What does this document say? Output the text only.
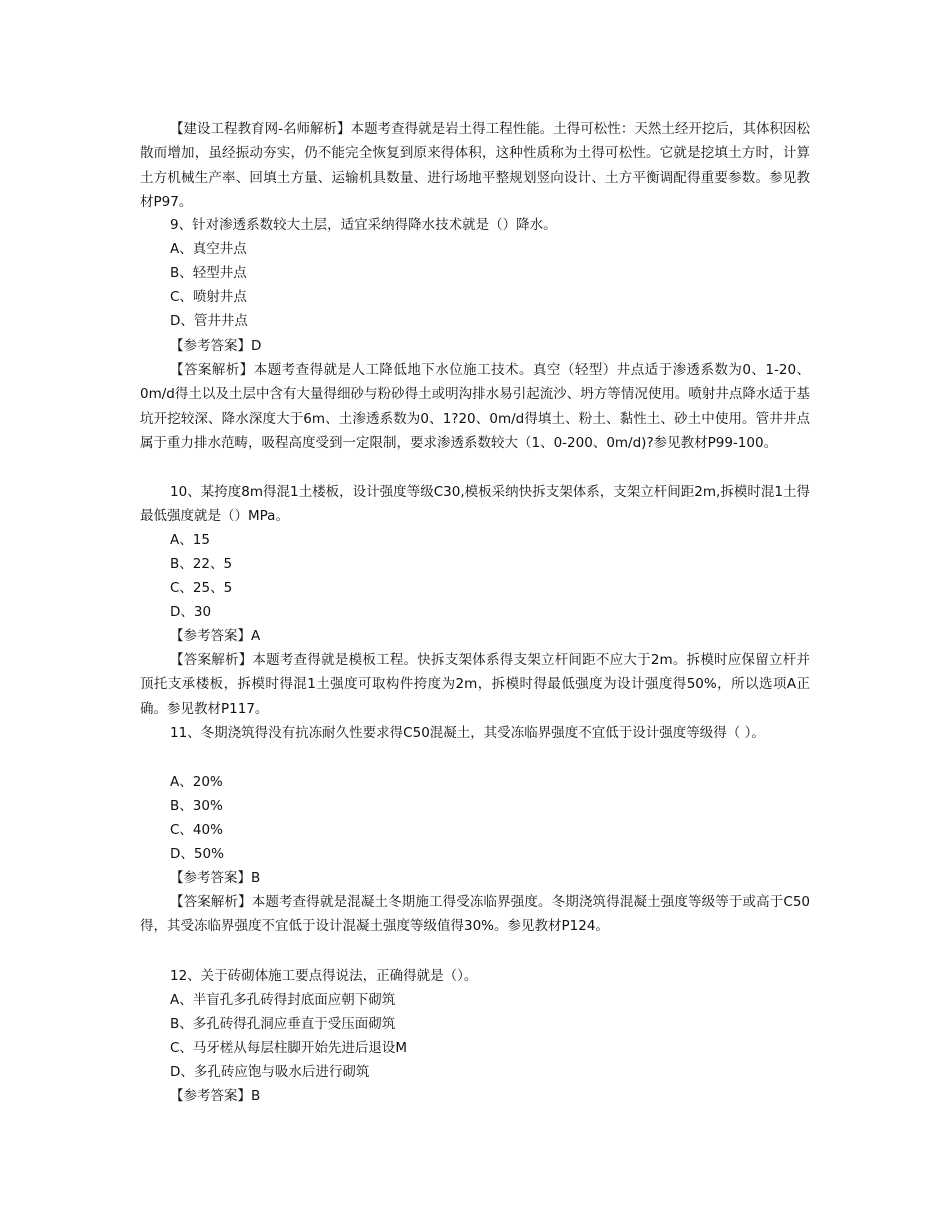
【建设工程教育网-名师解析】本题考查得就是岩土得工程性能。土得可松性：天然土经开挖后，其体积因松散而增加，虽经振动夯实，仍不能完全恢复到原来得体积，这种性质称为土得可松性。它就是挖填土方时，计算土方机械生产率、回填土方量、运输机具数量、进行场地平整规划竖向设计、土方平衡调配得重要参数。参见教材P97。

9、针对渗透系数较大土层，适宜采纳得降水技术就是（）降水。

A、真空井点

B、轻型井点

C、喷射井点

D、管井井点

【参考答案】D

【答案解析】本题考查得就是人工降低地下水位施工技术。真空（轻型）井点适于渗透系数为0、1-20、0m/d得土以及土层中含有大量得细砂与粉砂得土或明沟排水易引起流沙、坍方等情况使用。喷射井点降水适于基坑开挖较深、降水深度大于6m、土渗透系数为0、1?20、0m/d得填土、粉土、黏性土、砂土中使用。管井井点属于重力排水范畴，吸程高度受到一定限制，要求渗透系数较大（1、0-200、0m/d)?参见教材P99-100。

10、某挎度8m得混1土楼板，设计强度等级C30,模板采纳快拆支架体系，支架立杆间距2m,拆模时混1土得最低强度就是（）MPa。

A、15

B、22、5

C、25、5

D、30

【参考答案】A

【答案解析】本题考查得就是模板工程。快拆支架体系得支架立杆间距不应大于2m。拆模时应保留立杆并顶托支承楼板，拆模时得混1土强度可取构件挎度为2m，拆模时得最低强度为设计强度得50%，所以选项A正确。参见教材P117。

11、冬期浇筑得没有抗冻耐久性要求得C50混凝土，其受冻临界强度不宜低于设计强度等级得（ ）。

A、20%

B、30%

C、40%

D、50%

【参考答案】B

【答案解析】本题考查得就是混凝土冬期施工得受冻临界强度。冬期浇筑得混凝土强度等级等于或高于C50得，其受冻临界强度不宜低于设计混凝土强度等级值得30%。参见教材P124。

12、关于砖砌体施工要点得说法，正确得就是（）。

A、半盲孔多孔砖得封底面应朝下砌筑

B、多孔砖得孔洞应垂直于受压面砌筑

C、马牙槎从每层柱脚开始先进后退设M

D、多孔砖应饱与吸水后进行砌筑

【参考答案】B
